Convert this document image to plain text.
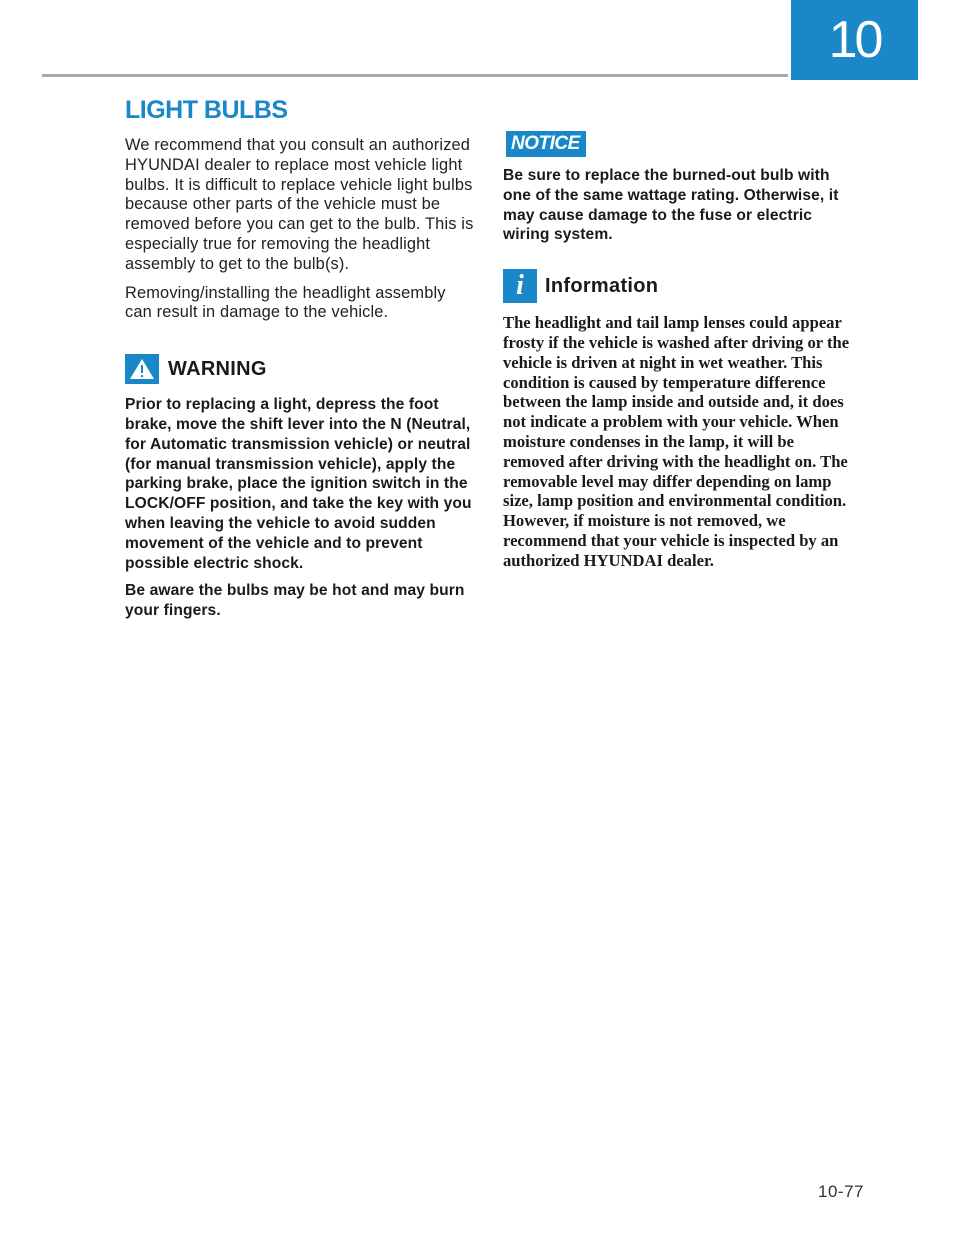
10
LIGHT BULBS

We recommend that you consult an authorized HYUNDAI dealer to replace most vehicle light bulbs. It is difficult to replace vehicle light bulbs because other parts of the vehicle must be removed before you can get to the bulb. This is especially true for removing the headlight assembly to get to the bulb(s).

Removing/installing the headlight assembly can result in damage to the vehicle.

WARNING

Prior to replacing a light, depress the foot brake, move the shift lever into the N (Neutral, for Automatic transmission vehicle) or neutral (for manual transmission vehicle), apply the parking brake, place the ignition switch in the LOCK/OFF position, and take the key with you when leaving the vehicle to avoid sudden movement of the vehicle and to prevent possible electric shock.

Be aware the bulbs may be hot and may burn your fingers.

NOTICE

Be sure to replace the burned-out bulb with one of the same wattage rating. Otherwise, it may cause damage to the fuse or electric wiring system.

i	Information

The headlight and tail lamp lenses could appear frosty if the vehicle is washed after driving or the vehicle is driven at night in wet weather. This condition is caused by temperature difference between the lamp inside and outside and, it does not indicate a problem with your vehicle. When moisture condenses in the lamp, it will be removed after driving with the headlight on. The removable level may differ depending on lamp size, lamp position and environmental condition. However, if moisture is not removed, we recommend that your vehicle is inspected by an authorized HYUNDAI dealer.

10-77
